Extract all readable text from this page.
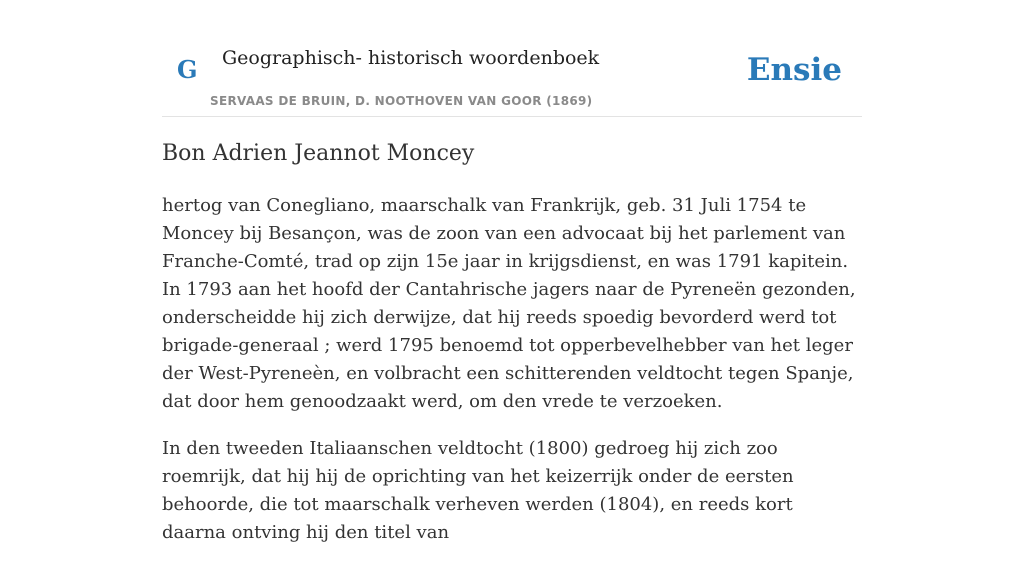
G Geographisch- historisch woordenboek
SERVAAS DE BRUIN, D. NOOTHOVEN VAN GOOR (1869)
Ensie
Bon Adrien Jeannot Moncey

hertog van Conegliano, maarschalk van Frankrijk, geb. 31 Juli 1754 te Moncey bij Besançon, was de zoon van een advocaat bij het parlement van Franche-Comté, trad op zijn 15e jaar in krijgsdienst, en was 1791 kapitein. In 1793 aan het hoofd der Cantahrische jagers naar de Pyreneën gezonden, onderscheidde hij zich derwijze, dat hij reeds spoedig bevorderd werd tot brigade-generaal ; werd 1795 benoemd tot opperbevelhebber van het leger der West-Pyreneèn, en volbracht een schitterenden veldtocht tegen Spanje, dat door hem genoodzaakt werd, om den vrede te verzoeken.

In den tweeden Italiaanschen veldtocht (1800) gedroeg hij zich zoo roemrijk, dat hij hij de oprichting van het keizerrijk onder de eersten behoorde, die tot maarschalk verheven werden (1804), en reeds kort daarna ontving hij den titel van
